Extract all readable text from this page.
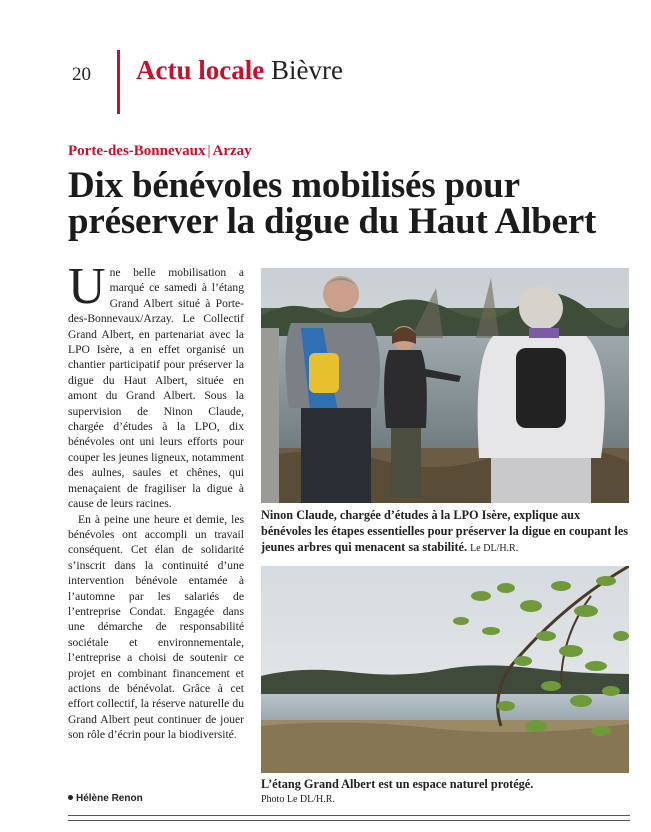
20 Actu locale Bièvre
Porte-des-Bonnevaux | Arzay
Dix bénévoles mobilisés pour préserver la digue du Haut Albert

Une belle mobilisation a marqué ce samedi à l’étang Grand Albert situé à Porte-des-Bonnevaux/Arzay. Le Collectif Grand Albert, en partenariat avec la LPO Isère, a en effet organisé un chantier participatif pour préserver la digue du Haut Albert, située en amont du Grand Albert. Sous la supervision de Ninon Claude, chargée d’études à la LPO, dix bénévoles ont uni leurs efforts pour couper les jeunes ligneux, notamment des aulnes, saules et chênes, qui menaçaient de fragiliser la digue à cause de leurs racines.

En à peine une heure et demie, les bénévoles ont accompli un travail conséquent. Cet élan de solidarité s’inscrit dans la continuité d’une intervention bénévole entamée à l’automne par les salariés de l’entreprise Condat. Engagée dans une démarche de responsabilité sociétale et environnementale, l’entreprise a choisi de soutenir ce projet en combinant financement et actions de bénévolat. Grâce à cet effort collectif, la réserve naturelle du Grand Albert peut continuer de jouer son rôle d’écrin pour la biodiversité.

Hélène Renon
Ninon Claude, chargée d’études à la LPO Isère, explique aux bénévoles les étapes essentielles pour préserver la digue en coupant les jeunes arbres qui menacent sa stabilité. Le DL/H.R.
L’étang Grand Albert est un espace naturel protégé.
Photo Le DL/H.R.
